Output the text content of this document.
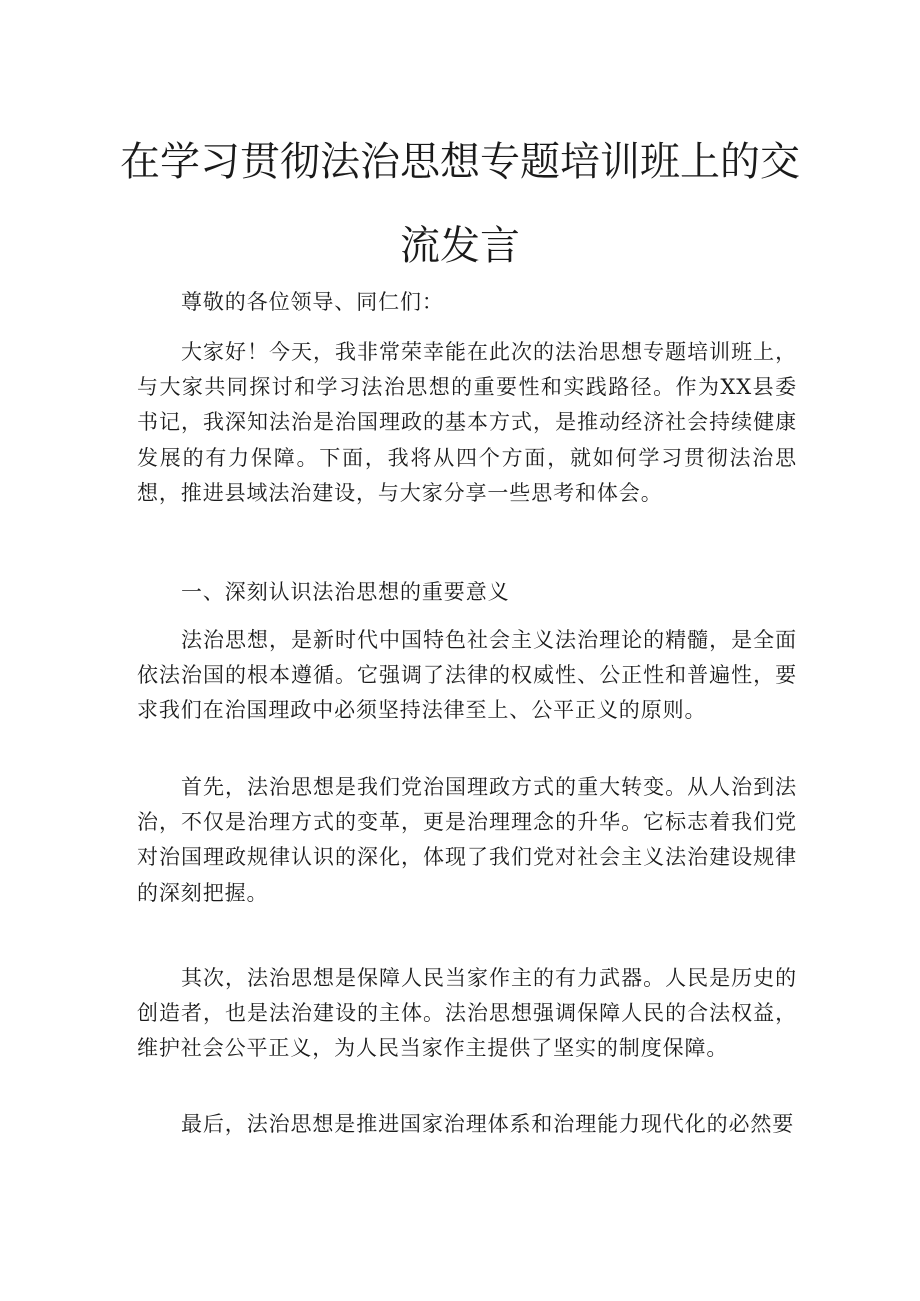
在学习贯彻法治思想专题培训班上的交
流发言

尊敬的各位领导、同仁们：

大家好！今天，我非常荣幸能在此次的法治思想专题培训班上，与大家共同探讨和学习法治思想的重要性和实践路径。作为XX县委书记，我深知法治是治国理政的基本方式，是推动经济社会持续健康发展的有力保障。下面，我将从四个方面，就如何学习贯彻法治思想，推进县域法治建设，与大家分享一些思考和体会。

一、深刻认识法治思想的重要意义

法治思想，是新时代中国特色社会主义法治理论的精髓，是全面依法治国的根本遵循。它强调了法律的权威性、公正性和普遍性，要求我们在治国理政中必须坚持法律至上、公平正义的原则。

首先，法治思想是我们党治国理政方式的重大转变。从人治到法治，不仅是治理方式的变革，更是治理理念的升华。它标志着我们党对治国理政规律认识的深化，体现了我们党对社会主义法治建设规律的深刻把握。

其次，法治思想是保障人民当家作主的有力武器。人民是历史的创造者，也是法治建设的主体。法治思想强调保障人民的合法权益，维护社会公平正义，为人民当家作主提供了坚实的制度保障。

最后，法治思想是推进国家治理体系和治理能力现代化的必然要
